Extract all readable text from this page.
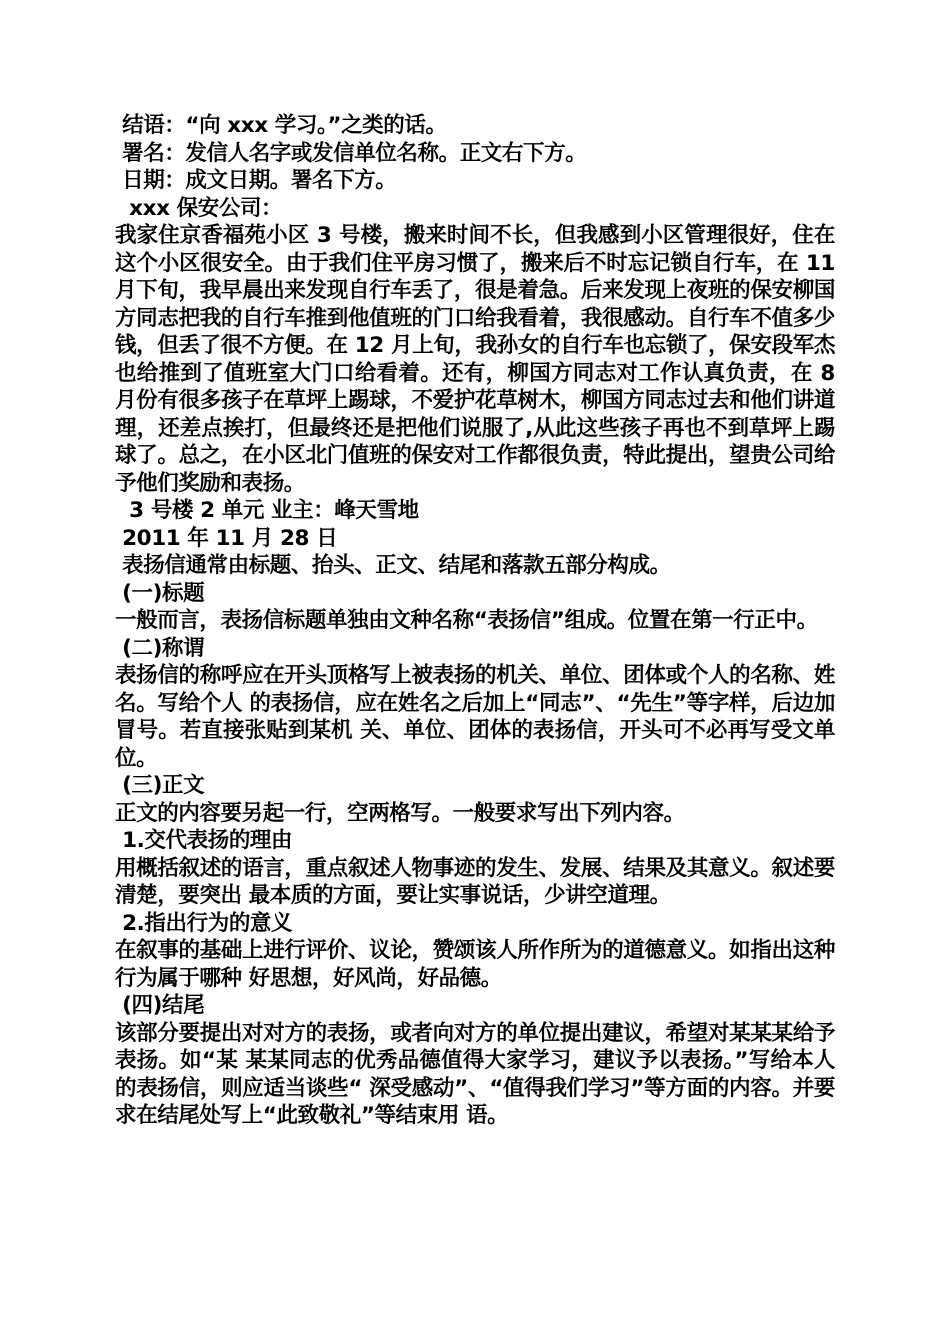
结语：“向 xxx 学习。”之类的话。

署名：发信人名字或发信单位名称。正文右下方。

日期：成文日期。署名下方。

xxx 保安公司：

我家住京香福苑小区 3 号楼，搬来时间不长，但我感到小区管理很好，住在这个小区很安全。由于我们住平房习惯了，搬来后不时忘记锁自行车，在 11 月下旬，我早晨出来发现自行车丢了，很是着急。后来发现上夜班的保安柳国方同志把我的自行车推到他值班的门口给我看着，我很感动。自行车不值多少钱，但丢了很不方便。在 12 月上旬，我孙女的自行车也忘锁了，保安段军杰也给推到了值班室大门口给看着。还有，柳国方同志对工作认真负责，在 8 月份有很多孩子在草坪上踢球，不爱护花草树木，柳国方同志过去和他们讲道理，还差点挨打，但最终还是把他们说服了,从此这些孩子再也不到草坪上踢球了。总之，在小区北门值班的保安对工作都很负责，特此提出，望贵公司给予他们奖励和表扬。

3 号楼 2 单元 业主：峰天雪地

2011 年 11 月 28 日

表扬信通常由标题、抬头、正文、结尾和落款五部分构成。

(一)标题

一般而言，表扬信标题单独由文种名称“表扬信”组成。位置在第一行正中。

(二)称谓

表扬信的称呼应在开头顶格写上被表扬的机关、单位、团体或个人的名称、姓名。写给个人 的表扬信，应在姓名之后加上“同志”、“先生”等字样，后边加冒号。若直接张贴到某机 关、单位、团体的表扬信，开头可不必再写受文单位。

(三)正文

正文的内容要另起一行，空两格写。一般要求写出下列内容。

1.交代表扬的理由

用概括叙述的语言，重点叙述人物事迹的发生、发展、结果及其意义。叙述要清楚，要突出 最本质的方面，要让实事说话，少讲空道理。

2.指出行为的意义

在叙事的基础上进行评价、议论，赞颂该人所作所为的道德意义。如指出这种行为属于哪种 好思想，好风尚，好品德。

(四)结尾

该部分要提出对对方的表扬，或者向对方的单位提出建议，希望对某某某给予表扬。如“某 某某同志的优秀品德值得大家学习，建议予以表扬。”写给本人的表扬信，则应适当谈些“ 深受感动”、“值得我们学习”等方面的内容。并要求在结尾处写上“此致敬礼”等结束用 语。
